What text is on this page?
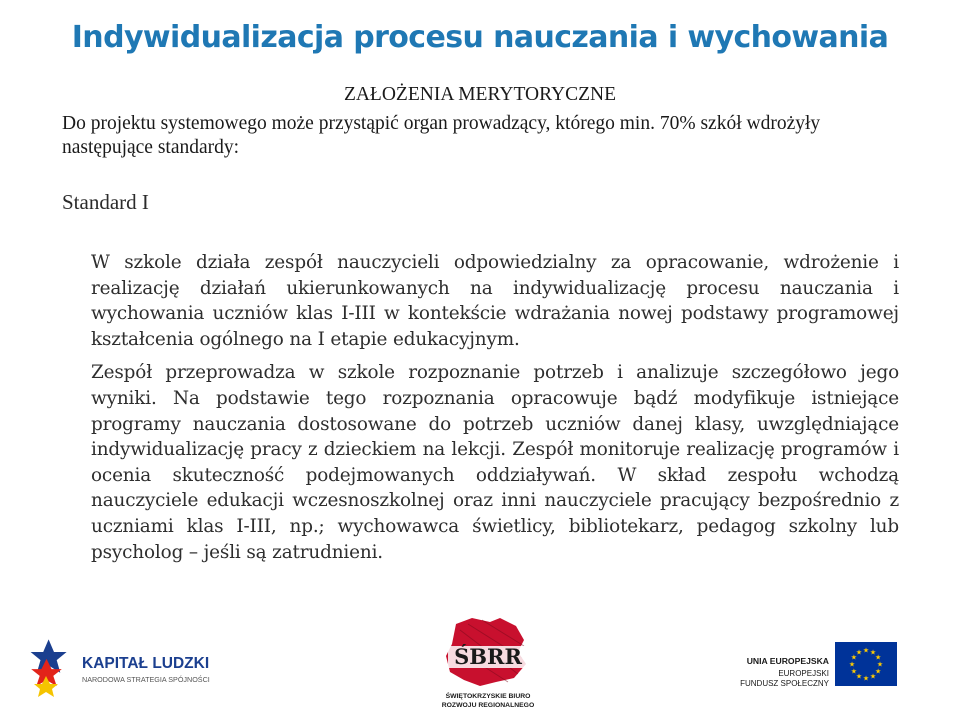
Indywidualizacja procesu nauczania i wychowania
ZAŁOŻENIA MERYTORYCZNE
Do projektu systemowego może przystąpić organ prowadzący, którego min. 70% szkół wdrożyły następujące standardy:
Standard I

W szkole działa zespół nauczycieli odpowiedzialny za opracowanie, wdrożenie i realizację działań ukierunkowanych na indywidualizację procesu nauczania i wychowania uczniów klas I-III w kontekście wdrażania nowej podstawy programowej kształcenia ogólnego na I etapie edukacyjnym.

Zespół przeprowadza w szkole rozpoznanie potrzeb i analizuje szczegółowo jego wyniki. Na podstawie tego rozpoznania opracowuje bądź modyfikuje istniejące programy nauczania dostosowane do potrzeb uczniów danej klasy, uwzględniające indywidualizację pracy z dzieckiem na lekcji. Zespół monitoruje realizację programów i ocenia skuteczność podejmowanych oddziaływań. W skład zespołu wchodzą nauczyciele edukacji wczesnoszkolnej oraz inni nauczyciele pracujący bezpośrednio z uczniami klas I-III, np.; wychowawca świetlicy, bibliotekarz, pedagog szkolny lub psycholog – jeśli są zatrudnieni.

KAPITAŁ LUDZKI
NARODOWA STRATEGIA SPÓJNOŚCI
ŚBRR
ŚWIĘTOKRZYSKIE BIURO
ROZWOJU REGIONALNEGO
UNIA EUROPEJSKA
EUROPEJSKI
FUNDUSZ SPOŁECZNY
★
★
★
★
★
★
★
★
★ ★ ★
★
